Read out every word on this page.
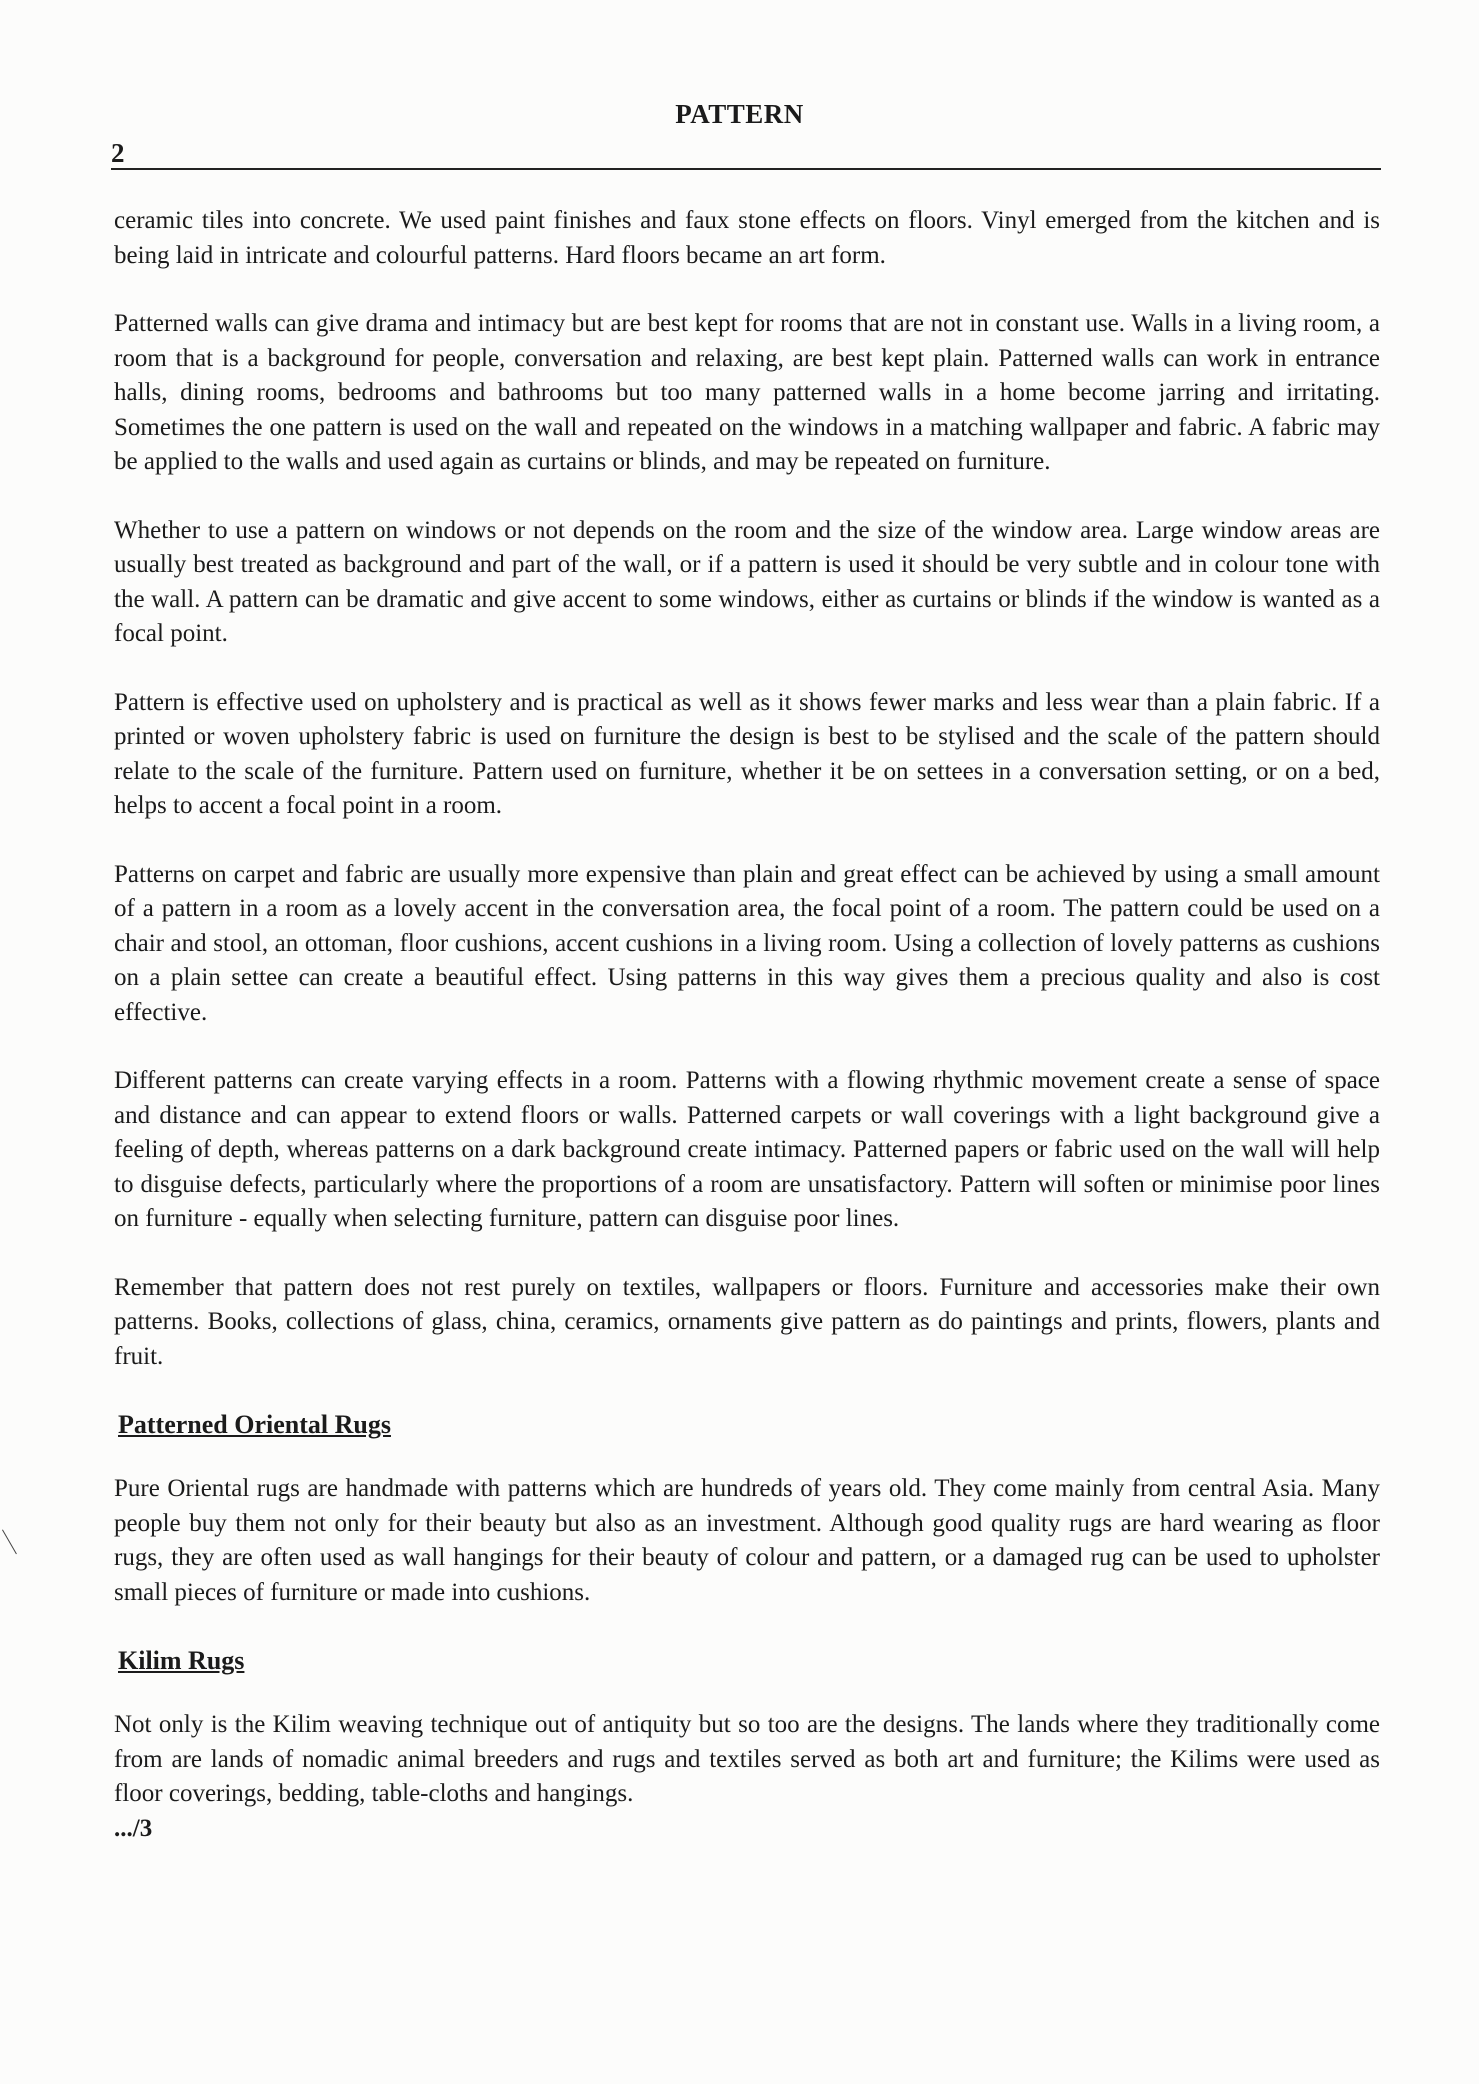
PATTERN
2

ceramic tiles into concrete. We used paint finishes and faux stone effects on floors. Vinyl emerged from the kitchen and is being laid in intricate and colourful patterns. Hard floors became an art form.

Patterned walls can give drama and intimacy but are best kept for rooms that are not in constant use. Walls in a living room, a room that is a background for people, conversation and relaxing, are best kept plain. Patterned walls can work in entrance halls, dining rooms, bedrooms and bathrooms but too many patterned walls in a home become jarring and irritating. Sometimes the one pattern is used on the wall and repeated on the windows in a matching wallpaper and fabric. A fabric may be applied to the walls and used again as curtains or blinds, and may be repeated on furniture.

Whether to use a pattern on windows or not depends on the room and the size of the window area. Large window areas are usually best treated as background and part of the wall, or if a pattern is used it should be very subtle and in colour tone with the wall. A pattern can be dramatic and give accent to some windows, either as curtains or blinds if the window is wanted as a focal point.

Pattern is effective used on upholstery and is practical as well as it shows fewer marks and less wear than a plain fabric. If a printed or woven upholstery fabric is used on furniture the design is best to be stylised and the scale of the pattern should relate to the scale of the furniture. Pattern used on furniture, whether it be on settees in a conversation setting, or on a bed, helps to accent a focal point in a room.

Patterns on carpet and fabric are usually more expensive than plain and great effect can be achieved by using a small amount of a pattern in a room as a lovely accent in the conversation area, the focal point of a room. The pattern could be used on a chair and stool, an ottoman, floor cushions, accent cushions in a living room. Using a collection of lovely patterns as cushions on a plain settee can create a beautiful effect. Using patterns in this way gives them a precious quality and also is cost effective.

Different patterns can create varying effects in a room. Patterns with a flowing rhythmic movement create a sense of space and distance and can appear to extend floors or walls. Patterned carpets or wall coverings with a light background give a feeling of depth, whereas patterns on a dark background create intimacy. Patterned papers or fabric used on the wall will help to disguise defects, particularly where the proportions of a room are unsatisfactory. Pattern will soften or minimise poor lines on furniture - equally when selecting furniture, pattern can disguise poor lines.

Remember that pattern does not rest purely on textiles, wallpapers or floors. Furniture and accessories make their own patterns. Books, collections of glass, china, ceramics, ornaments give pattern as do paintings and prints, flowers, plants and fruit.

Patterned Oriental Rugs

Pure Oriental rugs are handmade with patterns which are hundreds of years old. They come mainly from central Asia. Many people buy them not only for their beauty but also as an investment. Although good quality rugs are hard wearing as floor rugs, they are often used as wall hangings for their beauty of colour and pattern, or a damaged rug can be used to upholster small pieces of furniture or made into cushions.

Kilim Rugs

Not only is the Kilim weaving technique out of antiquity but so too are the designs. The lands where they traditionally come from are lands of nomadic animal breeders and rugs and textiles served as both art and furniture; the Kilims were used as floor coverings, bedding, table-cloths and hangings.

.../3
